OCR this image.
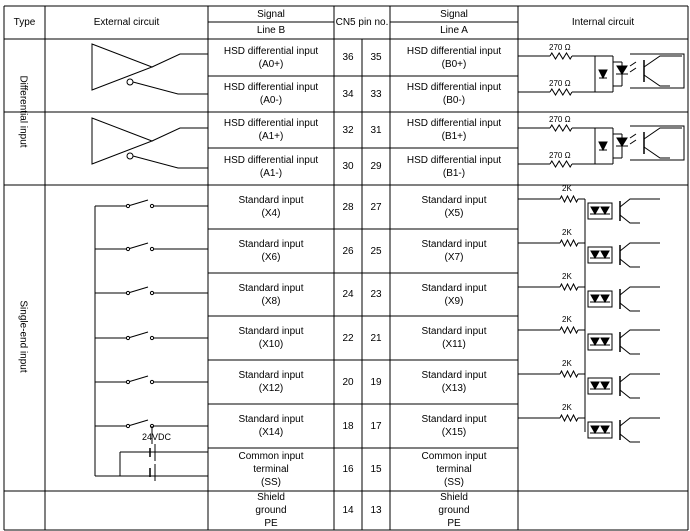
24VDC
270 Ω
270 Ω
270 Ω
270 Ω
2K
2K
2K
2K
2K
2K
Type	External circuit
Signal
Line B
CN5 pin no.
Signal
Line A
Internal circuit
Differential input
Single-end input
HSD differential input
(A0+)
36 35
HSD differential input
(B0+)
HSD differential input
(A0-)
34 33
HSD differential input
(B0-)
HSD differential input
(A1+)
32 31
HSD differential input
(B1+)
HSD differential input
(A1-)
30 29
HSD differential input
(B1-)
Standard input
(X4)
28 27
Standard input
(X5)
Standard input
(X6)
26 25
Standard input
(X7)
Standard input
(X8)
24 23
Standard input
(X9)
Standard input
(X10)
22 21
Standard input
(X11)
Standard input
(X12)
20 19
Standard input
(X13)
Standard input
(X14)
18 17
Standard input
(X15)
Common input
terminal
(SS)
16 15
Common input
terminal
(SS)
Shield
ground
PE
14 13
Shield
ground
PE
